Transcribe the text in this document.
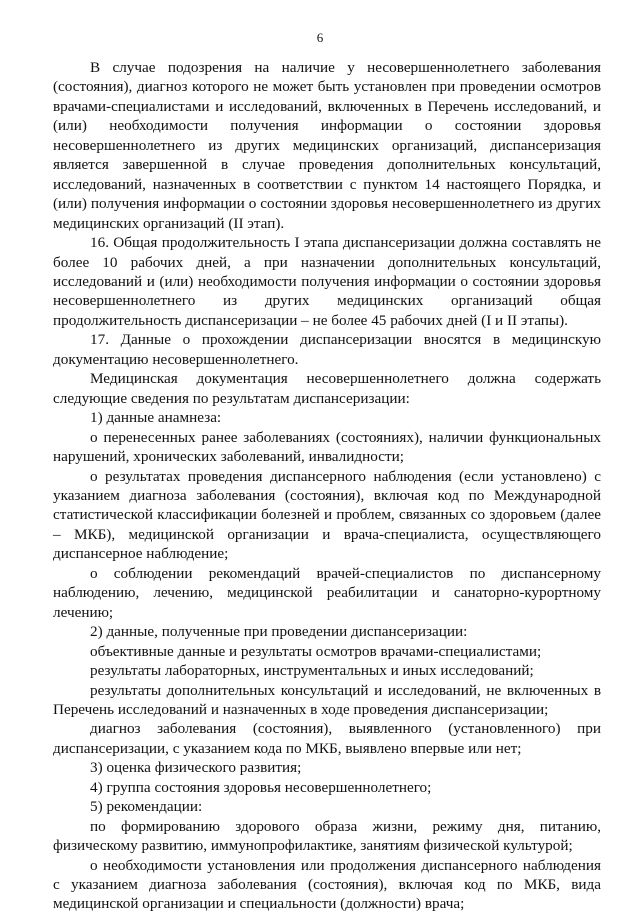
6

В случае подозрения на наличие у несовершеннолетнего заболевания (состояния), диагноз которого не может быть установлен при проведении осмотров врачами-специалистами и исследований, включенных в Перечень исследований, и (или) необходимости получения информации о состоянии здоровья несовершеннолетнего из других медицинских организаций, диспансеризация является завершенной в случае проведения дополнительных консультаций, исследований, назначенных в соответствии с пунктом 14 настоящего Порядка, и (или) получения информации о состоянии здоровья несовершеннолетнего из других медицинских организаций (II этап).

16. Общая продолжительность I этапа диспансеризации должна составлять не более 10 рабочих дней, а при назначении дополнительных консультаций, исследований и (или) необходимости получения информации о состоянии здоровья несовершеннолетнего из других медицинских организаций общая продолжительность диспансеризации – не более 45 рабочих дней (I и II этапы).

17. Данные о прохождении диспансеризации вносятся в медицинскую документацию несовершеннолетнего.

Медицинская документация несовершеннолетнего должна содержать следующие сведения по результатам диспансеризации:

1) данные анамнеза:

о перенесенных ранее заболеваниях (состояниях), наличии функциональных нарушений, хронических заболеваний, инвалидности;

о результатах проведения диспансерного наблюдения (если установлено) с указанием диагноза заболевания (состояния), включая код по Международной статистической классификации болезней и проблем, связанных со здоровьем (далее – МКБ), медицинской организации и врача-специалиста, осуществляющего диспансерное наблюдение;

о соблюдении рекомендаций врачей-специалистов по диспансерному наблюдению, лечению, медицинской реабилитации и санаторно-курортному лечению;

2) данные, полученные при проведении диспансеризации:

объективные данные и результаты осмотров врачами-специалистами;

результаты лабораторных, инструментальных и иных исследований;

результаты дополнительных консультаций и исследований, не включенных в Перечень исследований и назначенных в ходе проведения диспансеризации;

диагноз заболевания (состояния), выявленного (установленного) при диспансеризации, с указанием кода по МКБ, выявлено впервые или нет;

3) оценка физического развития;

4) группа состояния здоровья несовершеннолетнего;

5) рекомендации:

по формированию здорового образа жизни, режиму дня, питанию, физическому развитию, иммунопрофилактике, занятиям физической культурой;

о необходимости установления или продолжения диспансерного наблюдения с указанием диагноза заболевания (состояния), включая код по МКБ, вида медицинской организации и специальности (должности) врача;
